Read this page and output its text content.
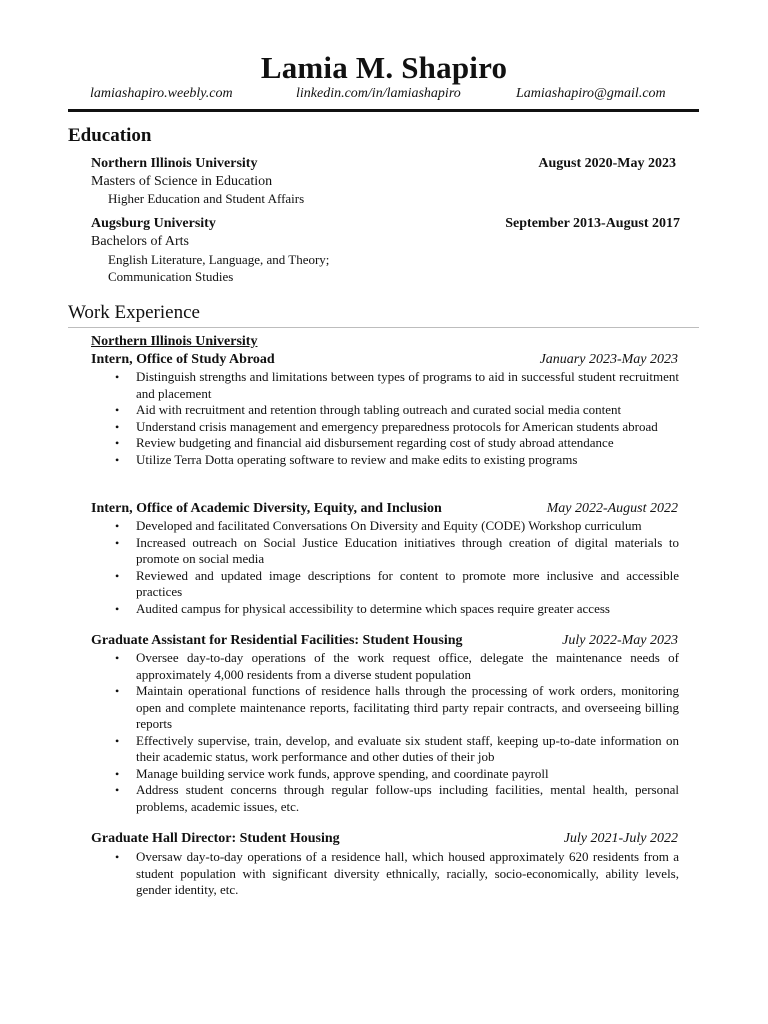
Lamia M. Shapiro
lamiashapiro.weebly.com	linkedin.com/in/lamiashapiro	Lamiashapiro@gmail.com
Education
Northern Illinois University	August 2020-May 2023
Masters of Science in Education
Higher Education and Student Affairs
Augsburg University	September 2013-August 2017
Bachelors of Arts
English Literature, Language, and Theory;
Communication Studies
Work Experience
Northern Illinois University
Intern, Office of Study Abroad	January 2023-May 2023
• Distinguish strengths and limitations between types of programs to aid in successful student recruitment and placement
• Aid with recruitment and retention through tabling outreach and curated social media content
• Understand crisis management and emergency preparedness protocols for American students abroad
• Review budgeting and financial aid disbursement regarding cost of study abroad attendance
• Utilize Terra Dotta operating software to review and make edits to existing programs
Intern, Office of Academic Diversity, Equity, and Inclusion	May 2022-August 2022
• Developed and facilitated Conversations On Diversity and Equity (CODE) Workshop curriculum
• Increased outreach on Social Justice Education initiatives through creation of digital materials to promote on social media
• Reviewed and updated image descriptions for content to promote more inclusive and accessible practices
• Audited campus for physical accessibility to determine which spaces require greater access
Graduate Assistant for Residential Facilities: Student Housing	July 2022-May 2023
• Oversee day-to-day operations of the work request office, delegate the maintenance needs of approximately 4,000 residents from a diverse student population
• Maintain operational functions of residence halls through the processing of work orders, monitoring open and complete maintenance reports, facilitating third party repair contracts, and overseeing billing reports
• Effectively supervise, train, develop, and evaluate six student staff, keeping up-to-date information on their academic status, work performance and other duties of their job
• Manage building service work funds, approve spending, and coordinate payroll
• Address student concerns through regular follow-ups including facilities, mental health, personal problems, academic issues, etc.
Graduate Hall Director: Student Housing	July 2021-July 2022
• Oversaw day-to-day operations of a residence hall, which housed approximately 620 residents from a student population with significant diversity ethnically, racially, socio-economically, ability levels, gender identity, etc.
